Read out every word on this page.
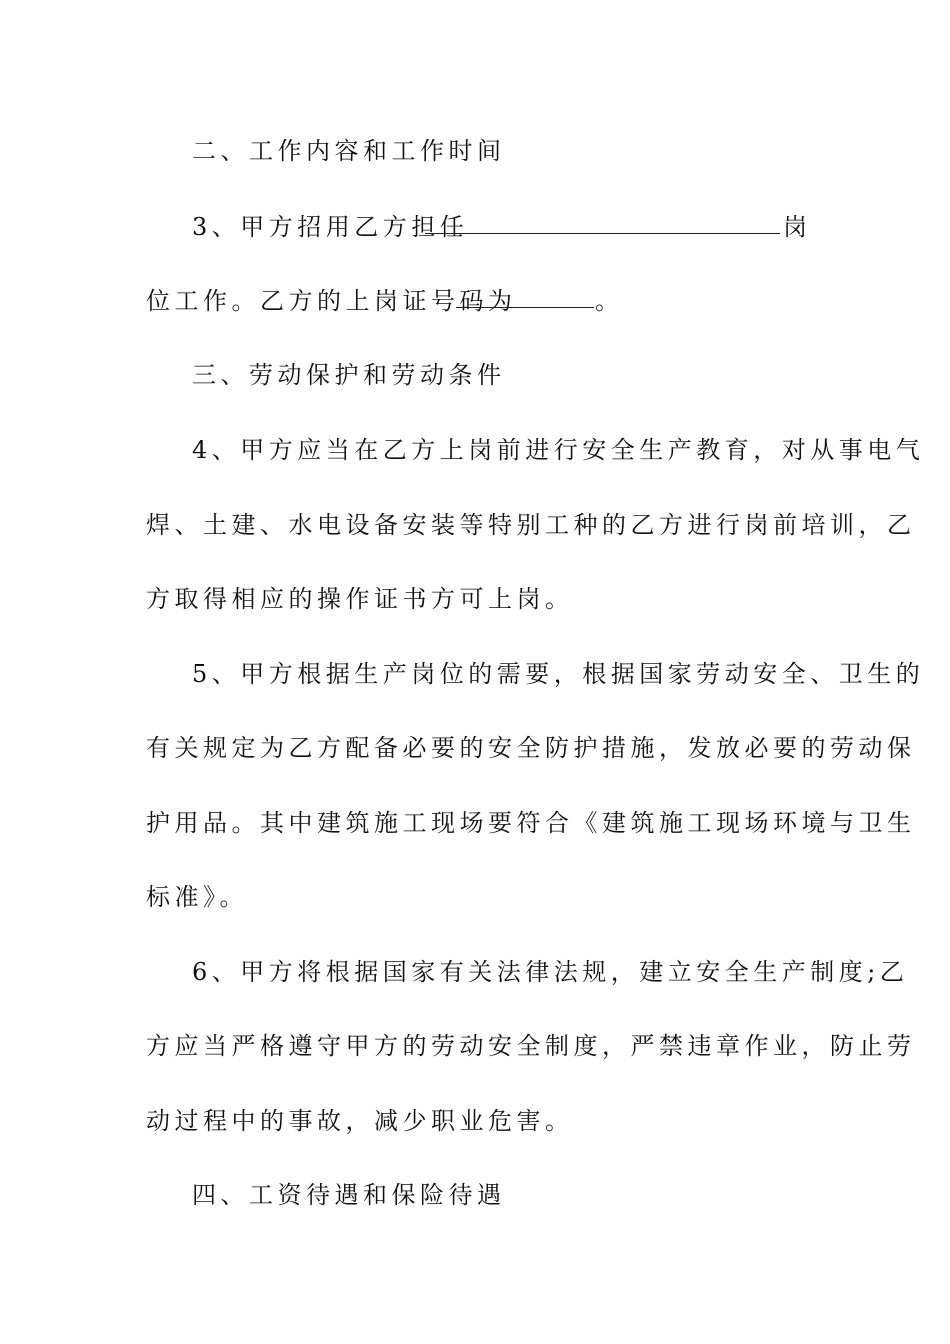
二、工作内容和工作时间
3、甲方招用乙方担任	岗
位工作。乙方的上岗证号码为	。
三、劳动保护和劳动条件
4、甲方应当在乙方上岗前进行安全生产教育，对从事电气
焊、土建、水电设备安装等特别工种的乙方进行岗前培训，乙
方取得相应的操作证书方可上岗。
5、甲方根据生产岗位的需要，根据国家劳动安全、卫生的
有关规定为乙方配备必要的安全防护措施，发放必要的劳动保
护用品。其中建筑施工现场要符合《建筑施工现场环境与卫生
标准》。
6、甲方将根据国家有关法律法规，建立安全生产制度;乙
方应当严格遵守甲方的劳动安全制度，严禁违章作业，防止劳
动过程中的事故，减少职业危害。
四、工资待遇和保险待遇
